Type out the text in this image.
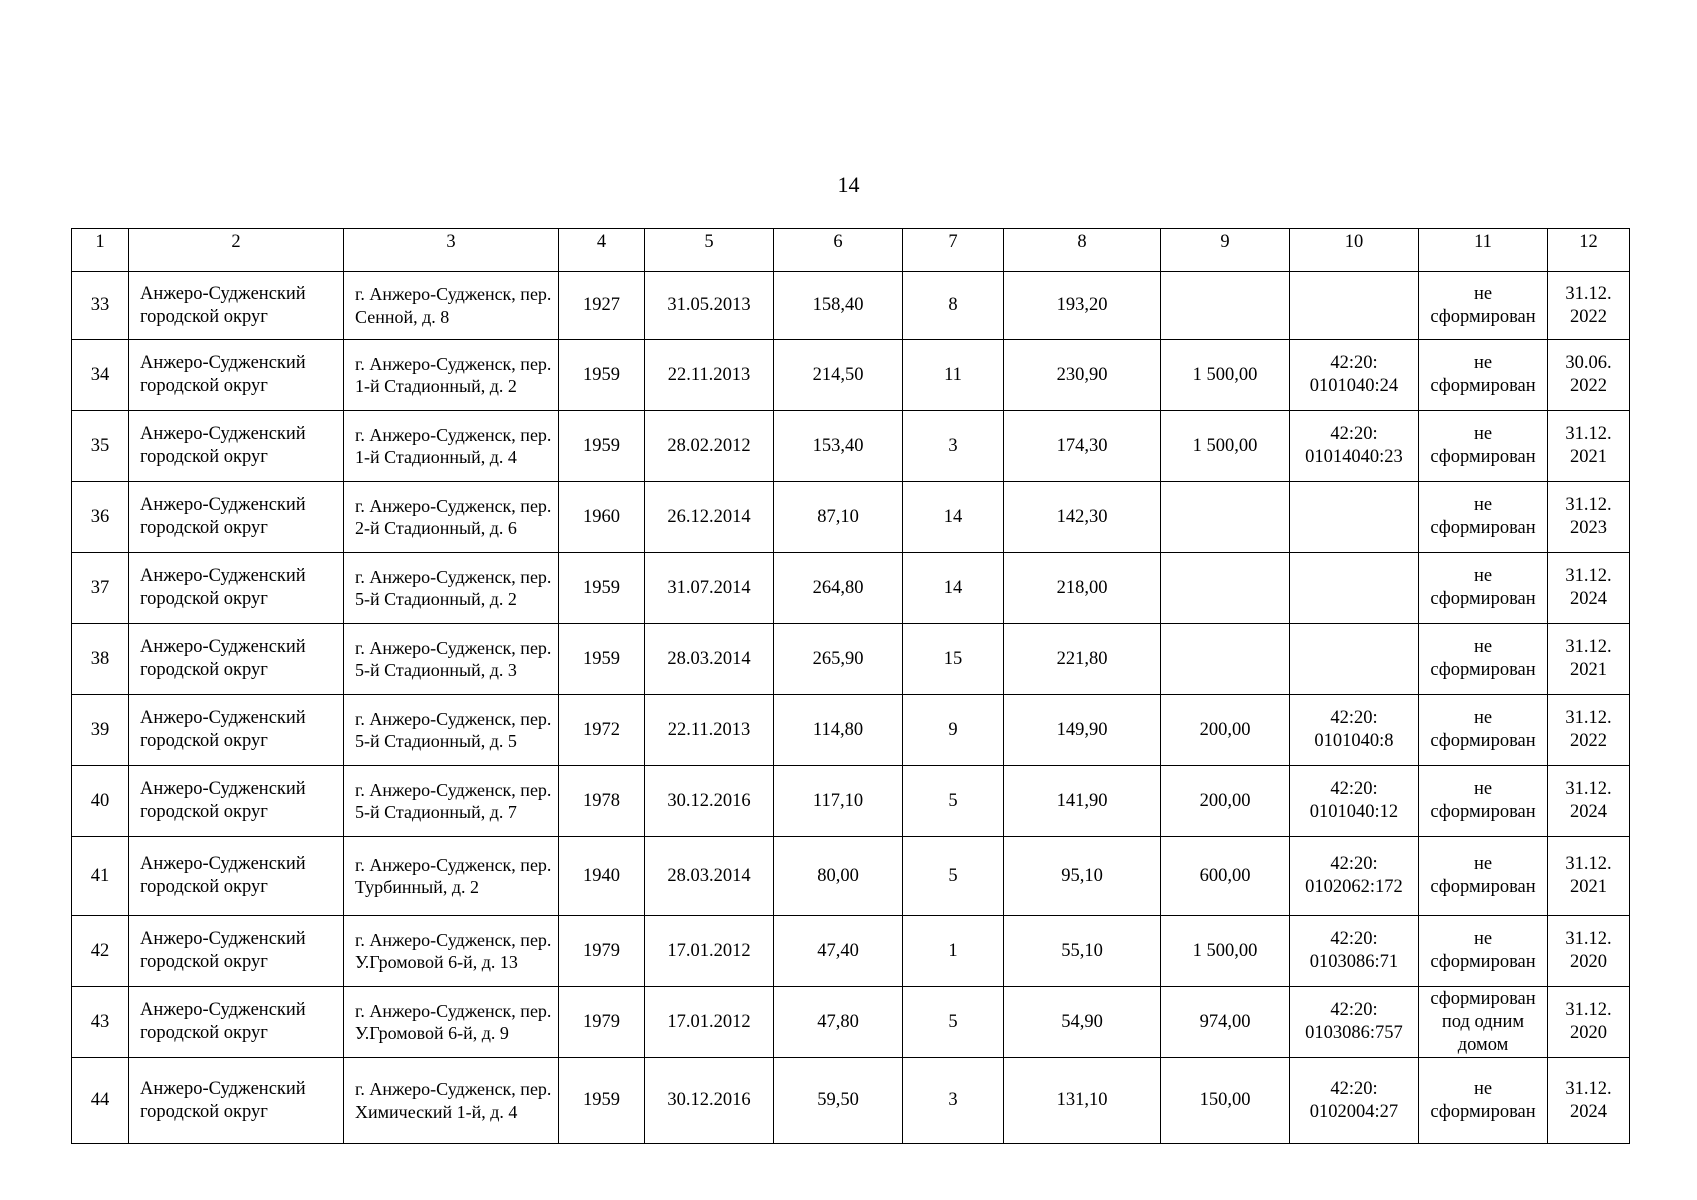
14
1	2	3	4	5	6	7	8	9	10	11	12
33	Анжеро-Судженский городской округ	г. Анжеро-Судженск, пер. Сенной, д. 8	1927	31.05.2013	158,40	8	193,20			не сформирован	31.12. 2022
34	Анжеро-Судженский городской округ	г. Анжеро-Судженск, пер. 1-й Стадионный, д. 2	1959	22.11.2013	214,50	11	230,90	1 500,00	42:20: 0101040:24	не сформирован	30.06. 2022
35	Анжеро-Судженский городской округ	г. Анжеро-Судженск, пер. 1-й Стадионный, д. 4	1959	28.02.2012	153,40	3	174,30	1 500,00	42:20: 01014040:23	не сформирован	31.12. 2021
36	Анжеро-Судженский городской округ	г. Анжеро-Судженск, пер. 2-й Стадионный, д. 6	1960	26.12.2014	87,10	14	142,30			не сформирован	31.12. 2023
37	Анжеро-Судженский городской округ	г. Анжеро-Судженск, пер. 5-й Стадионный, д. 2	1959	31.07.2014	264,80	14	218,00			не сформирован	31.12. 2024
38	Анжеро-Судженский городской округ	г. Анжеро-Судженск, пер. 5-й Стадионный, д. 3	1959	28.03.2014	265,90	15	221,80			не сформирован	31.12. 2021
39	Анжеро-Судженский городской округ	г. Анжеро-Судженск, пер. 5-й Стадионный, д. 5	1972	22.11.2013	114,80	9	149,90	200,00	42:20: 0101040:8	не сформирован	31.12. 2022
40	Анжеро-Судженский городской округ	г. Анжеро-Судженск, пер. 5-й Стадионный, д. 7	1978	30.12.2016	117,10	5	141,90	200,00	42:20: 0101040:12	не сформирован	31.12. 2024
41	Анжеро-Судженский городской округ	г. Анжеро-Судженск, пер. Турбинный, д. 2	1940	28.03.2014	80,00	5	95,10	600,00	42:20: 0102062:172	не сформирован	31.12. 2021
42	Анжеро-Судженский городской округ	г. Анжеро-Судженск, пер. У.Громовой 6-й, д. 13	1979	17.01.2012	47,40	1	55,10	1 500,00	42:20: 0103086:71	не сформирован	31.12. 2020
43	Анжеро-Судженский городской округ	г. Анжеро-Судженск, пер. У.Громовой 6-й, д. 9	1979	17.01.2012	47,80	5	54,90	974,00	42:20: 0103086:757	сформирован под одним домом	31.12. 2020
44	Анжеро-Судженский городской округ	г. Анжеро-Судженск, пер. Химический 1-й, д. 4	1959	30.12.2016	59,50	3	131,10	150,00	42:20: 0102004:27	не сформирован	31.12. 2024
